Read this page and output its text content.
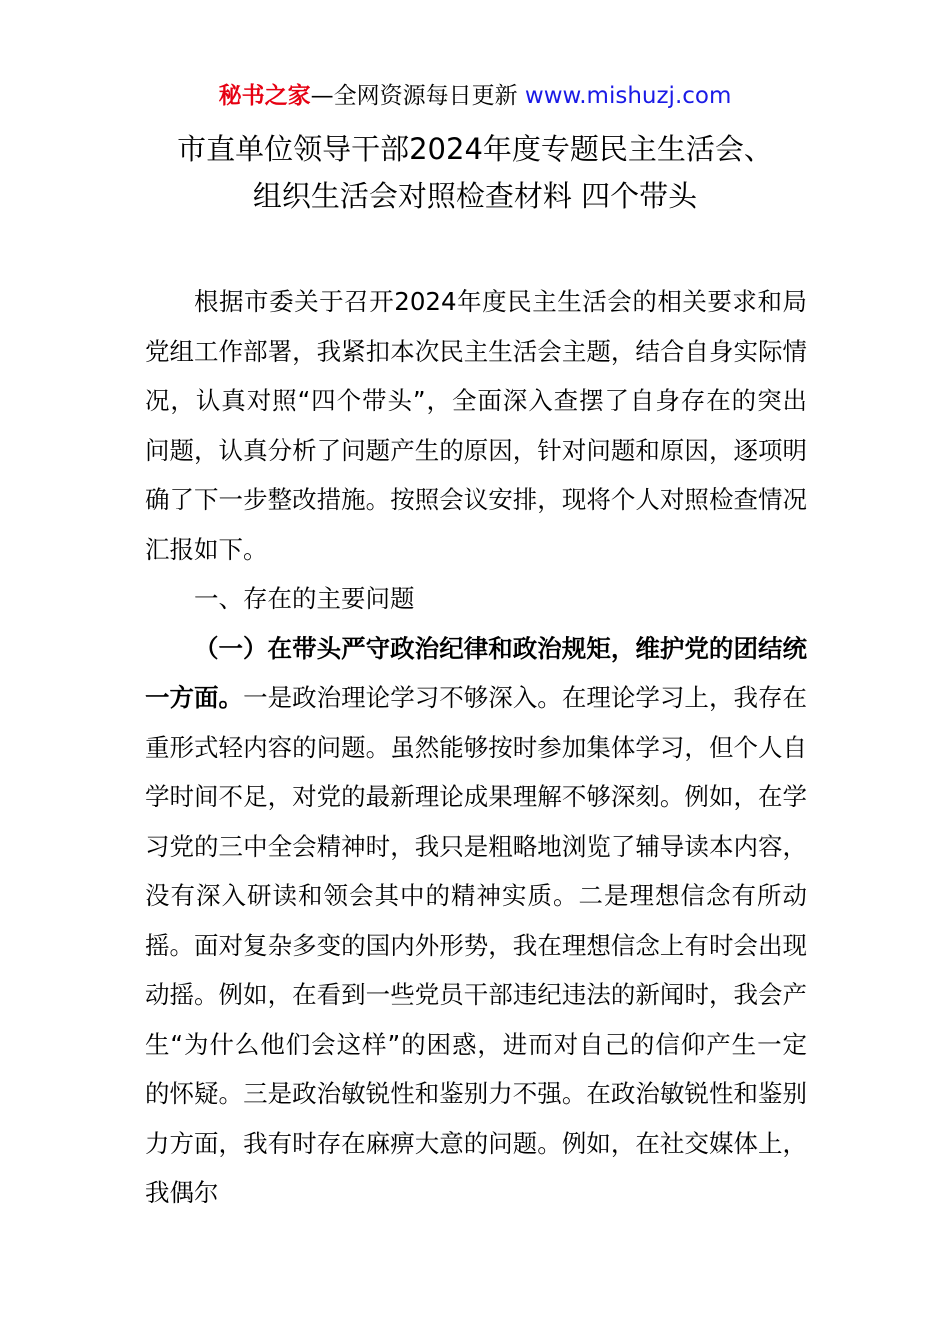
秘书之家—全网资源每日更新 www.mishuzj.com
市直单位领导干部2024年度专题民主生活会、
组织生活会对照检查材料 四个带头

根据市委关于召开2024年度民主生活会的相关要求和局党组工作部署，我紧扣本次民主生活会主题，结合自身实际情况，认真对照“四个带头”，全面深入查摆了自身存在的突出问题，认真分析了问题产生的原因，针对问题和原因，逐项明确了下一步整改措施。按照会议安排，现将个人对照检查情况汇报如下。

一、存在的主要问题

（一）在带头严守政治纪律和政治规矩，维护党的团结统一方面。一是政治理论学习不够深入。在理论学习上，我存在重形式轻内容的问题。虽然能够按时参加集体学习，但个人自学时间不足，对党的最新理论成果理解不够深刻。例如，在学习党的三中全会精神时，我只是粗略地浏览了辅导读本内容，没有深入研读和领会其中的精神实质。二是理想信念有所动摇。面对复杂多变的国内外形势，我在理想信念上有时会出现动摇。例如，在看到一些党员干部违纪违法的新闻时，我会产生“为什么他们会这样”的困惑，进而对自己的信仰产生一定的怀疑。三是政治敏锐性和鉴别力不强。在政治敏锐性和鉴别力方面，我有时存在麻痹大意的问题。例如，在社交媒体上，我偶尔
